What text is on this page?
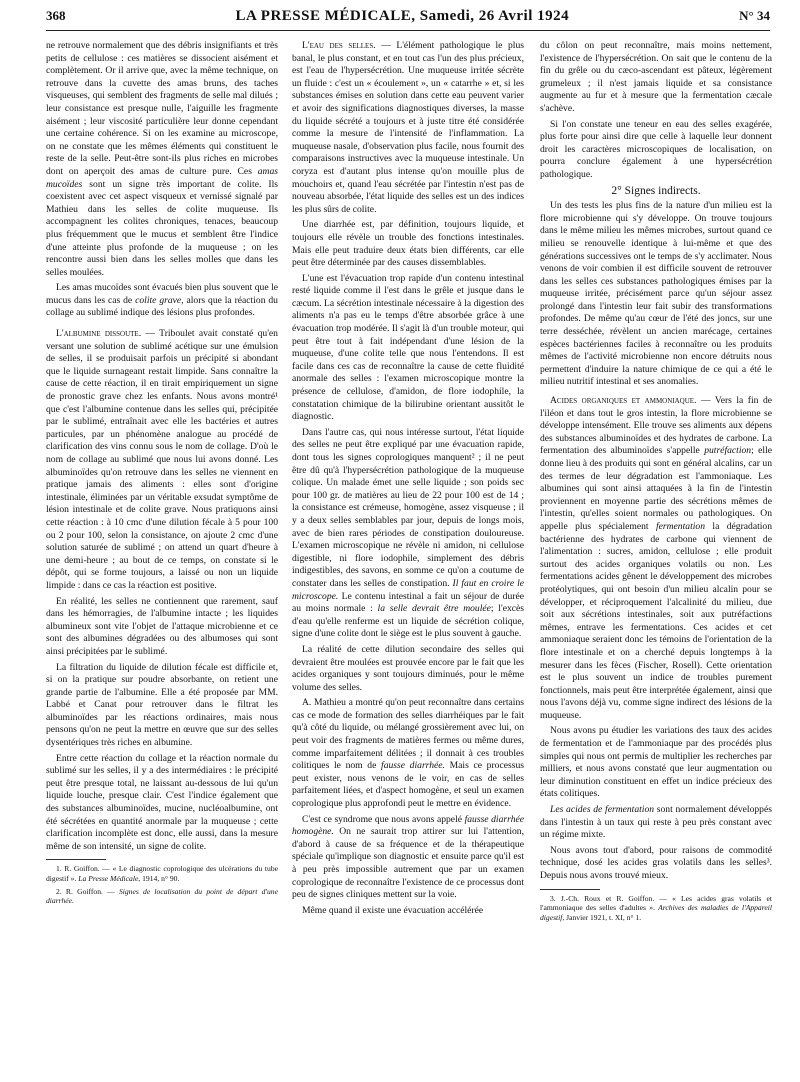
368	LA PRESSE MÉDICALE, Samedi, 26 Avril 1924	N° 34

ne retrouve normalement que des débris insignifiants et très petits de cellulose : ces matières se dissocient aisément et complètement. Or il arrive que, avec la même technique, on retrouve dans la cuvette des amas bruns, des taches visqueuses, qui semblent des fragments de selle mal dilués ; leur consistance est presque nulle, l'aiguille les fragmente aisément ; leur viscosité particulière leur donne cependant une certaine cohérence. Si on les examine au microscope, on ne constate que les mêmes éléments qui constituent le reste de la selle. Peut-être sont-ils plus riches en microbes dont on aperçoit des amas de culture pure. Ces amas mucoïdes sont un signe très important de colite. Ils coexistent avec cet aspect visqueux et vernissé signalé par Mathieu dans les selles de colite muqueuse. Ils accompagnent les colites chroniques, tenaces, beaucoup plus fréquemment que le mucus et semblent être l'indice d'une atteinte plus profonde de la muqueuse ; on les rencontre aussi bien dans les selles molles que dans les selles moulées.

Les amas mucoïdes sont évacués bien plus souvent que le mucus dans les cas de colite grave, alors que la réaction du collage au sublimé indique des lésions plus profondes.

L'albumine dissoute. — Triboulet avait constaté qu'en versant une solution de sublimé acétique sur une émulsion de selles, il se produisait parfois un précipité si abondant que le liquide surnageant restait limpide. Sans connaître la cause de cette réaction, il en tirait empiriquement un signe de pronostic grave chez les enfants. Nous avons montré¹ que c'est l'albumine contenue dans les selles qui, précipitée par le sublimé, entraînait avec elle les bactéries et autres particules, par un phénomène analogue au procédé de clarification des vins connu sous le nom de collage. D'où le nom de collage au sublimé que nous lui avons donné. Les albuminoïdes qu'on retrouve dans les selles ne viennent en pratique jamais des aliments : elles sont d'origine intestinale, éliminées par un véritable exsudat symptôme de lésion intestinale et de colite grave. Nous pratiquons ainsi cette réaction : à 10 cmc d'une dilution fécale à 5 pour 100 ou 2 pour 100, selon la consistance, on ajoute 2 cmc d'une solution saturée de sublimé ; on attend un quart d'heure à une demi-heure ; au bout de ce temps, on constate si le dépôt, qui se forme toujours, a laissé ou non un liquide limpide : dans ce cas la réaction est positive.

En réalité, les selles ne contiennent que rarement, sauf dans les hémorragies, de l'albumine intacte ; les liquides albumineux sont vite l'objet de l'attaque microbienne et ce sont des albumines dégradées ou des albumoses qui sont ainsi précipitées par le sublimé.

La filtration du liquide de dilution fécale est difficile et, si on la pratique sur poudre absorbante, on retient une grande partie de l'albumine. Elle a été proposée par MM. Labbé et Canat pour retrouver dans le filtrat les albuminoïdes par les réactions ordinaires, mais nous pensons qu'on ne peut la mettre en œuvre que sur des selles dysentériques très riches en albumine.

Entre cette réaction du collage et la réaction normale du sublimé sur les selles, il y a des intermédiaires : le précipité peut être presque total, ne laissant au-dessous de lui qu'un liquide louche, presque clair. C'est l'indice également que des substances albuminoïdes, mucine, nucléoalbumine, ont été sécrétées en quantité anormale par la muqueuse ; cette clarification incomplète est donc, elle aussi, dans la mesure même de son intensité, un signe de colite.

1. R. Goiffon. — « Le diagnostic coprologique des ulcérations du tube digestif ». La Presse Médicale, 1914, n° 90.

2. R. Goiffon. — Signes de localisation du point de départ d'une diarrhée.

L'eau des selles. — L'élément pathologique le plus banal, le plus constant, et en tout cas l'un des plus précieux, est l'eau de l'hypersécrétion. Une muqueuse irritée sécrète un fluide : c'est un « écoulement », un « catarrhe » et, si les substances émises en solution dans cette eau peuvent varier et avoir des significations diagnostiques diverses, la masse du liquide sécrété a toujours et à juste titre été considérée comme la mesure de l'intensité de l'inflammation. La muqueuse nasale, d'observation plus facile, nous fournit des comparaisons instructives avec la muqueuse intestinale. Un coryza est d'autant plus intense qu'on mouille plus de mouchoirs et, quand l'eau sécrétée par l'intestin n'est pas de nouveau absorbée, l'état liquide des selles est un des indices les plus sûrs de colite.

Une diarrhée est, par définition, toujours liquide, et toujours elle révèle un trouble des fonctions intestinales. Mais elle peut traduire deux états bien différents, car elle peut être déterminée par des causes dissemblables.

L'une est l'évacuation trop rapide d'un contenu intestinal resté liquide comme il l'est dans le grêle et jusque dans le cæcum. La sécrétion intestinale nécessaire à la digestion des aliments n'a pas eu le temps d'être absorbée grâce à une évacuation trop modérée. Il s'agit là d'un trouble moteur, qui peut être tout à fait indépendant d'une lésion de la muqueuse, d'une colite telle que nous l'entendons. Il est facile dans ces cas de reconnaître la cause de cette fluidité anormale des selles : l'examen microscopique montre la présence de cellulose, d'amidon, de flore iodophile, la constatation chimique de la bilirubine orientant aussitôt le diagnostic.

Dans l'autre cas, qui nous intéresse surtout, l'état liquide des selles ne peut être expliqué par une évacuation rapide, dont tous les signes coprologiques manquent² ; il ne peut être dû qu'à l'hypersécrétion pathologique de la muqueuse colique. Un malade émet une selle liquide ; son poids sec pour 100 gr. de matières au lieu de 22 pour 100 est de 14 ; la consistance est crémeuse, homogène, assez visqueuse ; il y a deux selles semblables par jour, depuis de longs mois, avec de bien rares périodes de constipation douloureuse. L'examen microscopique ne révèle ni amidon, ni cellulose digestible, ni flore iodophile, simplement des débris indigestibles, des savons, en somme ce qu'on a coutume de constater dans les selles de constipation. Il faut en croire le microscope. Le contenu intestinal a fait un séjour de durée au moins normale : la selle devrait être moulée; l'excès d'eau qu'elle renferme est un liquide de sécrétion colique, signe d'une colite dont le siège est le plus souvent à gauche.

La réalité de cette dilution secondaire des selles qui devraient être moulées est prouvée encore par le fait que les acides organiques y sont toujours diminués, pour le même volume des selles.

A. Mathieu a montré qu'on peut reconnaître dans certains cas ce mode de formation des selles diarrhéiques par le fait qu'à côté du liquide, ou mélangé grossièrement avec lui, on peut voir des fragments de matières fermes ou même dures, comme imparfaitement délitées ; il donnait à ces troubles colitiques le nom de fausse diarrhée. Mais ce processus peut exister, nous venons de le voir, en cas de selles parfaitement liées, et d'aspect homogène, et seul un examen coprologique plus approfondi peut le mettre en évidence.

C'est ce syndrome que nous avons appelé fausse diarrhée homogène. On ne saurait trop attirer sur lui l'attention, d'abord à cause de sa fréquence et de la thérapeutique spéciale qu'implique son diagnostic et ensuite parce qu'il est à peu près impossible autrement que par un examen coprologique de reconnaître l'existence de ce processus dont peu de signes cliniques mettent sur la voie.

Même quand il existe une évacuation accélérée

du côlon on peut reconnaître, mais moins nettement, l'existence de l'hypersécrétion. On sait que le contenu de la fin du grêle ou du cæco-ascendant est pâteux, légèrement grumeleux ; il n'est jamais liquide et sa consistance augmente au fur et à mesure que la fermentation cæcale s'achève.

Si l'on constate une teneur en eau des selles exagérée, plus forte pour ainsi dire que celle à laquelle leur donnent droit les caractères microscopiques de localisation, on pourra conclure également à une hypersécrétion pathologique.

2° Signes indirects.

Un des tests les plus fins de la nature d'un milieu est la flore microbienne qui s'y développe. On trouve toujours dans le même milieu les mêmes microbes, surtout quand ce milieu se renouvelle identique à lui-même et que des générations successives ont le temps de s'y acclimater. Nous venons de voir combien il est difficile souvent de retrouver dans les selles ces substances pathologiques émises par la muqueuse irritée, précisément parce qu'un séjour assez prolongé dans l'intestin leur fait subir des transformations profondes. De même qu'au cœur de l'été des joncs, sur une terre desséchée, révèlent un ancien marécage, certaines espèces bactériennes faciles à reconnaître ou les produits mêmes de l'activité microbienne non encore détruits nous permettent d'induire la nature chimique de ce qui a été le milieu nutritif intestinal et ses anomalies.

Acides organiques et ammoniaque. — Vers la fin de l'iléon et dans tout le gros intestin, la flore microbienne se développe intensément. Elle trouve ses aliments aux dépens des substances albuminoïdes et des hydrates de carbone. La fermentation des albuminoïdes s'appelle putréfaction; elle donne lieu à des produits qui sont en général alcalins, car un des termes de leur dégradation est l'ammoniaque. Les albumines qui sont ainsi attaquées à la fin de l'intestin proviennent en moyenne partie des sécrétions mêmes de l'intestin, qu'elles soient normales ou pathologiques. On appelle plus spécialement fermentation la dégradation bactérienne des hydrates de carbone qui viennent de l'alimentation : sucres, amidon, cellulose ; elle produit surtout des acides organiques volatils ou non. Les fermentations acides gênent le développement des microbes protéolytiques, qui ont besoin d'un milieu alcalin pour se développer, et réciproquement l'alcalinité du milieu, due soit aux sécrétions intestinales, soit aux putréfactions mêmes, entrave les fermentations. Ces acides et cet ammoniaque seraient donc les témoins de l'orientation de la flore intestinale et on a cherché depuis longtemps à la mesurer dans les fèces (Fischer, Rosell). Cette orientation est le plus souvent un indice de troubles purement fonctionnels, mais peut être interprétée également, ainsi que nous l'avons déjà vu, comme signe indirect des lésions de la muqueuse.

Nous avons pu étudier les variations des taux des acides de fermentation et de l'ammoniaque par des procédés plus simples qui nous ont permis de multiplier les recherches par milliers, et nous avons constaté que leur augmentation ou leur diminution constituent en effet un indice précieux des états colitiques.

Les acides de fermentation sont normalement développés dans l'intestin à un taux qui reste à peu près constant avec un régime mixte.

Nous avons tout d'abord, pour raisons de commodité technique, dosé les acides gras volatils dans les selles³. Depuis nous avons trouvé mieux.

3. J.-Ch. Roux et R. Goiffon. — « Les acides gras volatils et l'ammoniaque des selles d'adultes ». Archives des maladies de l'Appareil digestif, Janvier 1921, t. XI, n° 1.
